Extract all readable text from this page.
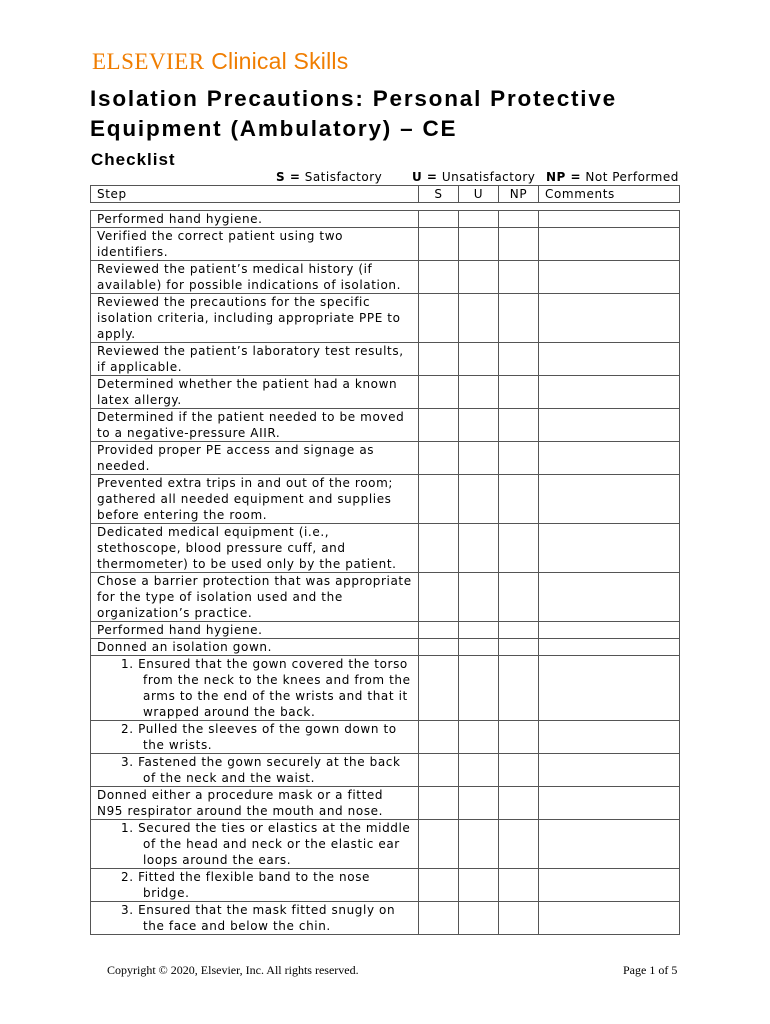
ELSEVIER Clinical Skills
Isolation Precautions: Personal Protective Equipment (Ambulatory) – CE
Checklist
S = Satisfactory U = Unsatisfactory NP = Not Performed
Step	S	U	NP	Comments

Performed hand hygiene.				
Verified the correct patient using two identifiers.				
Reviewed the patient’s medical history (if available) for possible indications of isolation.				
Reviewed the precautions for the specific isolation criteria, including appropriate PPE to apply.				
Reviewed the patient’s laboratory test results, if applicable.				
Determined whether the patient had a known latex allergy.				
Determined if the patient needed to be moved to a negative-pressure AIIR.				
Provided proper PE access and signage as needed.				
Prevented extra trips in and out of the room; gathered all needed equipment and supplies before entering the room.				
Dedicated medical equipment (i.e., stethoscope, blood pressure cuff, and thermometer) to be used only by the patient.				
Chose a barrier protection that was appropriate for the type of isolation used and the organization’s practice.				
Performed hand hygiene.				
Donned an isolation gown.				
1. Ensured that the gown covered the torso from the neck to the knees and from the arms to the end of the wrists and that it wrapped around the back.				
2. Pulled the sleeves of the gown down to the wrists.				
3. Fastened the gown securely at the back of the neck and the waist.				
Donned either a procedure mask or a fitted N95 respirator around the mouth and nose.				
1. Secured the ties or elastics at the middle of the head and neck or the elastic ear loops around the ears.				
2. Fitted the flexible band to the nose bridge.				
3. Ensured that the mask fitted snugly on the face and below the chin.				
Copyright © 2020, Elsevier, Inc. All rights reserved.	Page 1 of 5
